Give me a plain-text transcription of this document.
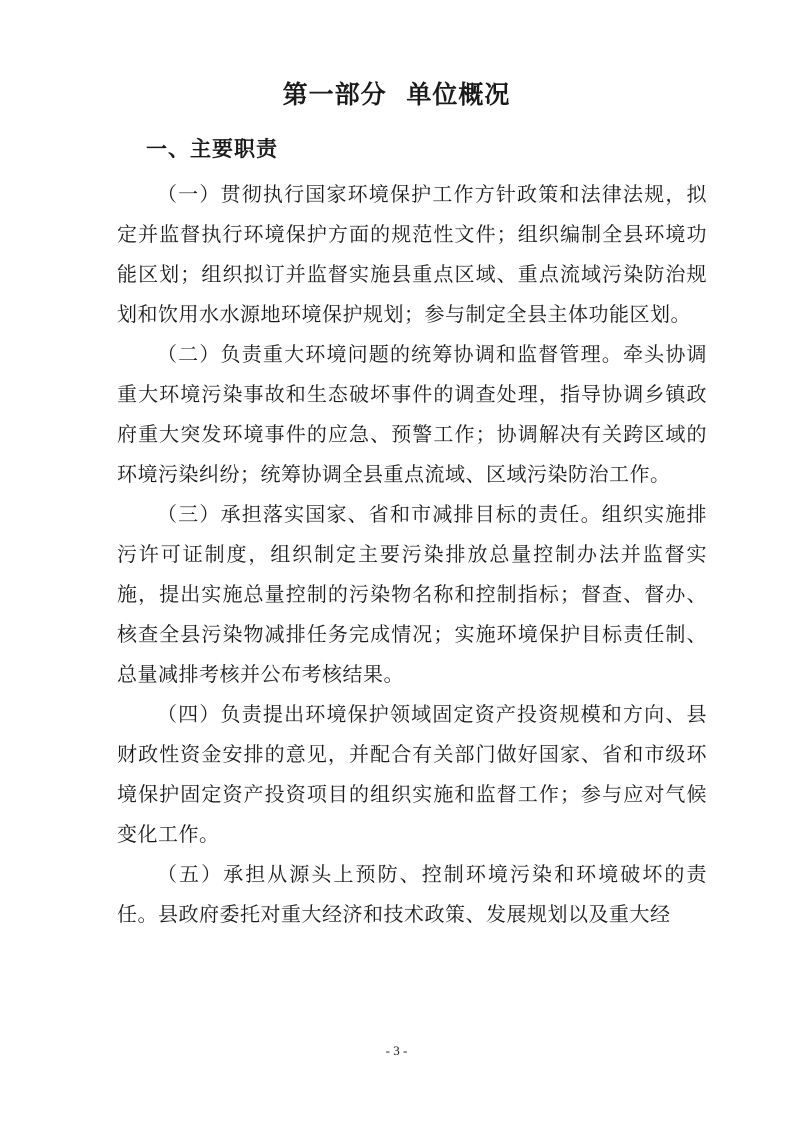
第一部分 单位概况
一、主要职责

（一）贯彻执行国家环境保护工作方针政策和法律法规，拟定并监督执行环境保护方面的规范性文件；组织编制全县环境功能区划；组织拟订并监督实施县重点区域、重点流域污染防治规划和饮用水水源地环境保护规划；参与制定全县主体功能区划。

（二）负责重大环境问题的统筹协调和监督管理。牵头协调重大环境污染事故和生态破坏事件的调查处理，指导协调乡镇政府重大突发环境事件的应急、预警工作；协调解决有关跨区域的环境污染纠纷；统筹协调全县重点流域、区域污染防治工作。

（三）承担落实国家、省和市减排目标的责任。组织实施排污许可证制度，组织制定主要污染排放总量控制办法并监督实施，提出实施总量控制的污染物名称和控制指标；督查、督办、核查全县污染物减排任务完成情况；实施环境保护目标责任制、总量减排考核并公布考核结果。

（四）负责提出环境保护领域固定资产投资规模和方向、县财政性资金安排的意见，并配合有关部门做好国家、省和市级环境保护固定资产投资项目的组织实施和监督工作；参与应对气候变化工作。

（五）承担从源头上预防、控制环境污染和环境破坏的责任。县政府委托对重大经济和技术政策、发展规划以及重大经

- 3 -
